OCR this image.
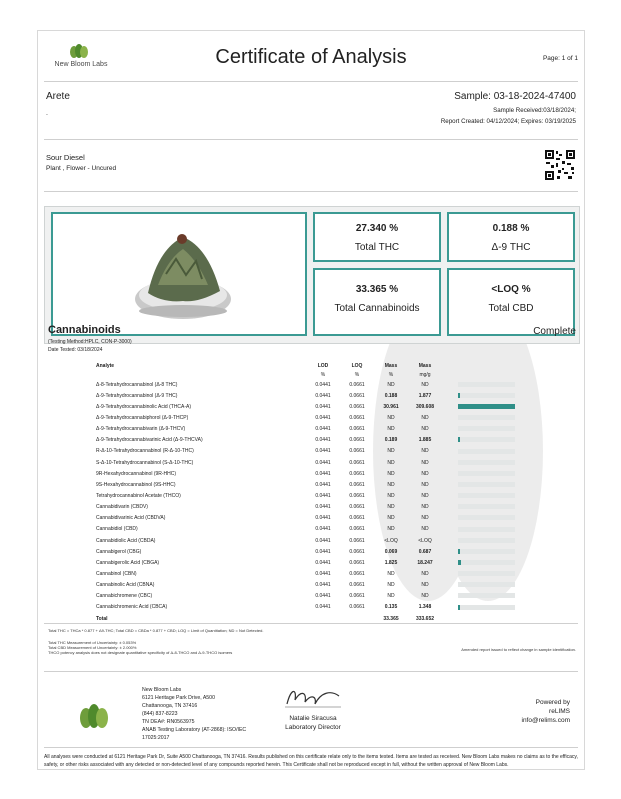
New Bloom Labs	Certificate of Analysis	Page: 1 of 1
Arete
.
Sample: 03-18-2024-47400
Sample Received:03/18/2024;
Report Created: 04/12/2024; Expires: 03/19/2025
Sour Diesel
Plant , Flower - Uncured
27.340 %
Total THC
0.188 %
Δ-9 THC
33.365 %
Total Cannabinoids
<LOQ %
Total CBD
Cannabinoids	Complete
(Testing Method:HPLC, CON-P-3000)
Date Tested: 03/18/2024
Analyte	LOD	LOQ	Mass	Mass	
	%	%	%	mg/g	
Δ-8-Tetrahydrocannabinol (Δ-8 THC)	0.0441	0.0661	ND	ND	

Δ-9-Tetrahydrocannabinol (Δ-9 THC)	0.0441	0.0661	0.188	1.877	

Δ-9-Tetrahydrocannabinolic Acid (THCA-A)	0.0441	0.0661	30.961	309.608	

Δ-9-Tetrahydrocannabiphorol (Δ-9-THCP)	0.0441	0.0661	ND	ND	

Δ-9-Tetrahydrocannabivarin (Δ-9-THCV)	0.0441	0.0661	ND	ND	

Δ-9-Tetrahydrocannabivarinic Acid (Δ-9-THCVA)	0.0441	0.0661	0.189	1.885	

R-Δ-10-Tetrahydrocannabinol (R-Δ-10-THC)	0.0441	0.0661	ND	ND	

S-Δ-10-Tetrahydrocannabinol (S-Δ-10-THC)	0.0441	0.0661	ND	ND	

9R-Hexahydrocannabinol (9R-HHC)	0.0441	0.0661	ND	ND	

9S-Hexahydrocannabinol (9S-HHC)	0.0441	0.0661	ND	ND	

Tetrahydrocannabinol Acetate (THCO)	0.0441	0.0661	ND	ND	

Cannabidivarin (CBDV)	0.0441	0.0661	ND	ND	

Cannabidivarinic Acid (CBDVA)	0.0441	0.0661	ND	ND	

Cannabidiol (CBD)	0.0441	0.0661	ND	ND	

Cannabidiolic Acid (CBDA)	0.0441	0.0661	<LOQ	<LOQ	

Cannabigerol (CBG)	0.0441	0.0661	0.069	0.687	

Cannabigerolic Acid (CBGA)	0.0441	0.0661	1.825	18.247	

Cannabinol (CBN)	0.0441	0.0661	ND	ND	

Cannabinolic Acid (CBNA)	0.0441	0.0661	ND	ND	

Cannabichromene (CBC)	0.0441	0.0661	ND	ND	

Cannabichromenic Acid (CBCA)	0.0441	0.0661	0.135	1.348	

Total			33.365	333.652	
Total THC = THCa * 0.877 + Δ9-THC; Total CBD = CBDa * 0.877 + CBD; LOQ = Limit of Quantitation; ND = Not Detected.
Total THC Measurement of Uncertainty: ± 0.053%
Total CBD Measurement of Uncertainty: ± 2.000%
THCO potency analysis does not designate quantitative specificity of Δ-8-THCO and Δ-9-THCO isomers
Amended report issued to reflect change in sample identification.
New Bloom Labs
6121 Heritage Park Drive, A500
Chattanooga, TN 37416
(844) 837-8223
TN DEA#: RN0563975
ANAB Testing Laboratory (AT-2868): ISO/IEC
17025:2017
Natalie Siracusa
Laboratory Director
Powered by
reLIMS
info@relims.com
All analyses were conducted at 6121 Heritage Park Dr, Suite A500 Chattanooga, TN 37416. Results published on this certificate relate only to the items tested. Items are tested as received. New Bloom Labs makes no claims as to the efficacy, safety, or other risks associated with any detected or non-detected level of any compounds reported herein. This Certificate shall not be reproduced except in full, without the written approval of New Bloom Labs.
